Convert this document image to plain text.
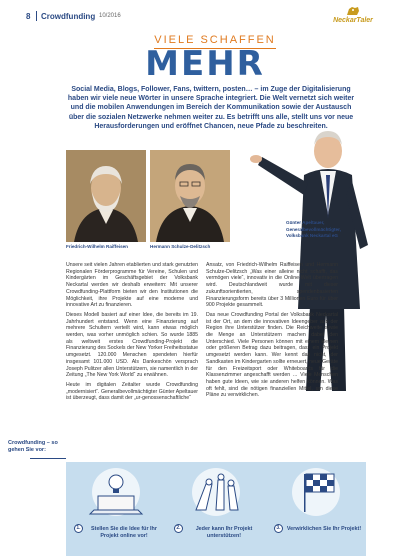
8 Crowdfunding 10/2016
NeckarTaler
VIELE SCHAFFEN
MEHR
Social Media, Blogs, Follower, Fans, twittern, posten… – im Zuge der Digitalisierung haben wir viele neue Wörter in unsere Sprache integriert. Die Welt vernetzt sich weiter und die mobilen Anwendungen im Bereich der Kommunikation sowie der Austausch über die sozialen Netzwerke nehmen weiter zu. Es betrifft uns alle, stellt uns vor neue Herausforderungen und eröffnet Chancen, neue Pfade zu beschreiten.
Friedrich-Wilhelm Raiffeisen	Hermann Schulze-Delitzsch
Günter Apeltauer,
Generalbevollmächtigter,
Volksbank Neckartal eG

Unsere seit vielen Jahren etablierten und stark genutzten Regionalen Förderprogramme für Vereine, Schulen und Kindergärten im Geschäftsgebiet der Volksbank Neckartal werden wir deshalb erweitern: Mit unserer Crowdfunding-Plattform bieten wir den Institutionen die Möglichkeit, ihre Projekte auf eine moderne und innovative Art zu finanzieren.

Dieses Modell basiert auf einer Idee, die bereits im 19. Jahrhundert entstand. Wenn eine Finanzierung auf mehrere Schultern verteilt wird, kann etwas möglich werden, was vorher unmöglich schien. So wurde 1885 als weltweit erstes Crowdfunding-Projekt die Finanzierung des Sockels der New Yorker Freiheitsstatue umgesetzt. 120.000 Menschen spendeten hierfür insgesamt 101.000 USD. Als Dankeschön versprach Joseph Pulitzer allen Unterstützern, sie namentlich in der Zeitung „The New York World“ zu erwähnen.

Heute im digitalen Zeitalter wurde Crowdfunding „modernisiert“. Generalbevollmächtigter Günter Apeltauer ist überzeugt, dass damit der „ur-genossenschaftliche“

Ansatz, von Friedrich-Wilhelm Raiffeisen und Hermann Schulze-Delitzsch „Was einer alleine nicht schafft, das vermögen viele“, innovativ in die Online-Welt übertragen wird. Deutschlandweit wurde mit dieser zukunftsorientierten, spendenbasierten Finanzierungsform bereits über 3 Millionen Euro für über 900 Projekte gesammelt.

Das neue Crowdfunding Portal der Volksbank Neckartal ist der Ort, an dem die innovativen Ideengeber aus der Region ihre Unterstützer finden. Die Reichweite sowie die Menge an Unterstützern machen dabei den Unterschied. Viele Personen können mit einem kleinen oder größeren Betrag dazu beitragen, dass ein Projekt umgesetzt werden kann. Wer kennt das nicht, der Sandkasten im Kindergarten sollte erneuert, neue Geräte für den Freizeitsport oder Whiteboards für die Klassenzimmer angeschafft werden … Viele Menschen haben gute Ideen, wie sie anderen helfen können. Was oft fehlt, sind die nötigen finanziellen Mittel, um diese Pläne zu verwirklichen.

Crowdfunding – so gehen Sie vor:
1.	Stellen Sie die Idee für Ihr Projekt online vor!
2.	Jeder kann Ihr Projekt unterstützen!
3.	Verwirklichen Sie Ihr Projekt!
